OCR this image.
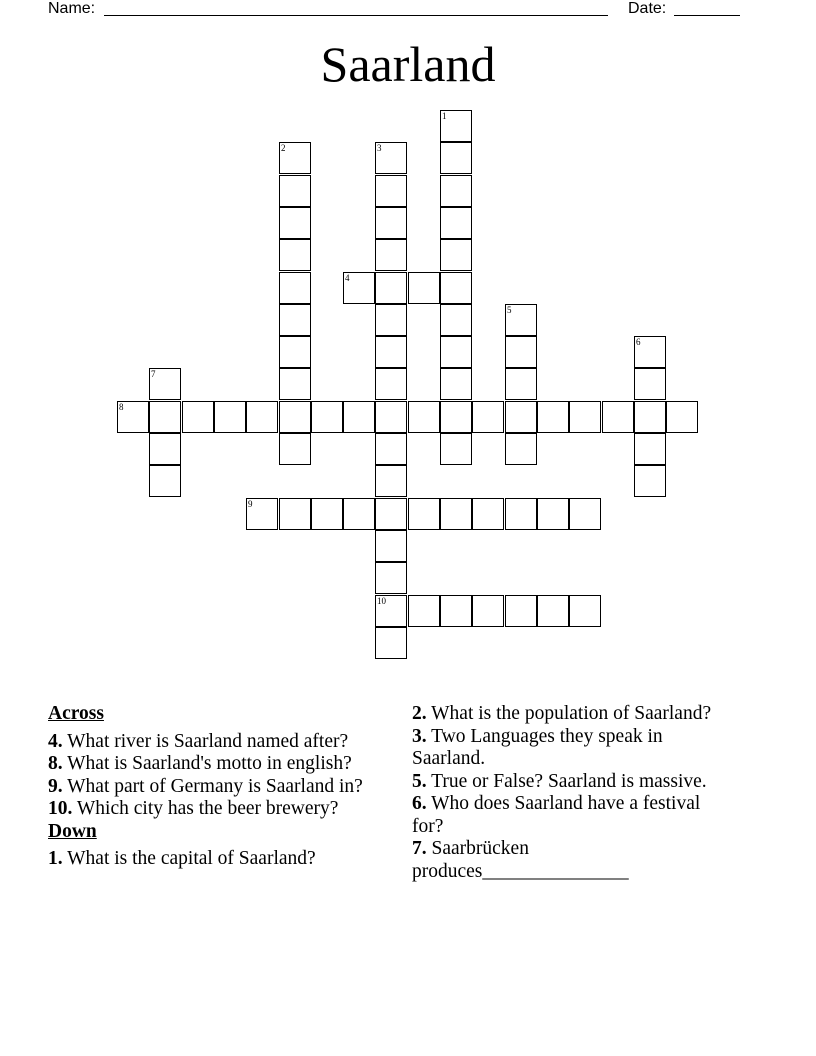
Name:	Date:
Saarland
1
2	3
10
4
5
6
7
8
9
Across

4. What river is Saarland named after?

8. What is Saarland's motto in english?

9. What part of Germany is Saarland in?

10. Which city has the beer brewery?

Down

1. What is the capital of Saarland?

2. What is the population of Saarland?

3. Two Languages they speak in Saarland.

5. True or False? Saarland is massive.

6. Who does Saarland have a festival for?

7. Saarbrücken produces_______________
